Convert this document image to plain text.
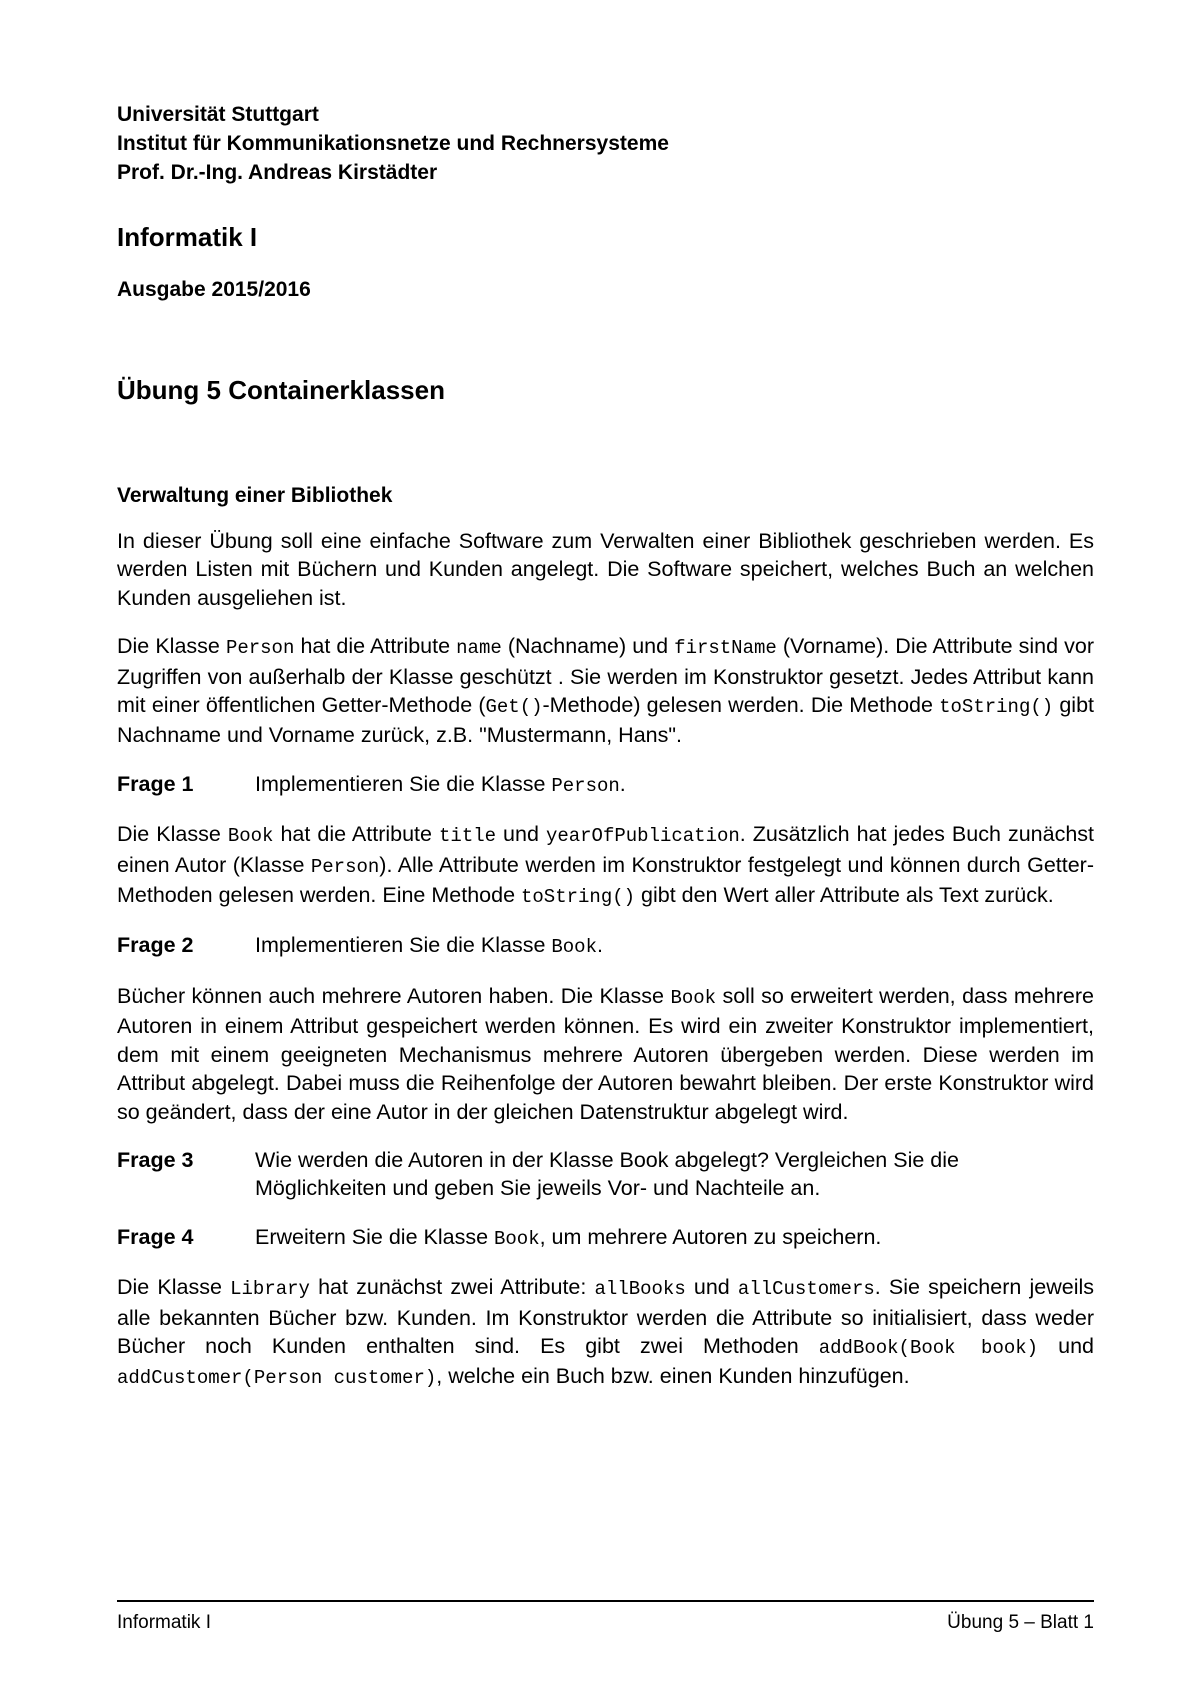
Universität Stuttgart
Institut für Kommunikationsnetze und Rechnersysteme
Prof. Dr.-Ing. Andreas Kirstädter
Informatik I
Ausgabe 2015/2016
Übung 5 Containerklassen
Verwaltung einer Bibliothek

In dieser Übung soll eine einfache Software zum Verwalten einer Bibliothek geschrieben werden. Es werden Listen mit Büchern und Kunden angelegt. Die Software speichert, welches Buch an welchen Kunden ausgeliehen ist.

Die Klasse Person hat die Attribute name (Nachname) und firstName (Vorname). Die Attribute sind vor Zugriffen von außerhalb der Klasse geschützt . Sie werden im Konstruktor gesetzt. Jedes Attribut kann mit einer öffentlichen Getter-Methode (Get()-Methode) gelesen werden. Die Methode toString() gibt Nachname und Vorname zurück, z.B. "Mustermann, Hans".

Frage 1	Implementieren Sie die Klasse Person.

Die Klasse Book hat die Attribute title und yearOfPublication. Zusätzlich hat jedes Buch zunächst einen Autor (Klasse Person). Alle Attribute werden im Konstruktor festgelegt und können durch Getter-Methoden gelesen werden. Eine Methode toString() gibt den Wert aller Attribute als Text zurück.

Frage 2	Implementieren Sie die Klasse Book.

Bücher können auch mehrere Autoren haben. Die Klasse Book soll so erweitert werden, dass mehrere Autoren in einem Attribut gespeichert werden können. Es wird ein zweiter Konstruktor implementiert, dem mit einem geeigneten Mechanismus mehrere Autoren übergeben werden. Diese werden im Attribut abgelegt. Dabei muss die Reihenfolge der Autoren bewahrt bleiben. Der erste Konstruktor wird so geändert, dass der eine Autor in der gleichen Datenstruktur abgelegt wird.

Frage 3	Wie werden die Autoren in der Klasse Book abgelegt? Vergleichen Sie die Möglichkeiten und geben Sie jeweils Vor- und Nachteile an.
Frage 4	Erweitern Sie die Klasse Book, um mehrere Autoren zu speichern.

Die Klasse Library hat zunächst zwei Attribute: allBooks und allCustomers. Sie speichern jeweils alle bekannten Bücher bzw. Kunden. Im Konstruktor werden die Attribute so initialisiert, dass weder Bücher noch Kunden enthalten sind. Es gibt zwei Methoden addBook(Book book) und addCustomer(Person customer), welche ein Buch bzw. einen Kunden hinzufügen.

Informatik I	Übung 5 – Blatt 1
